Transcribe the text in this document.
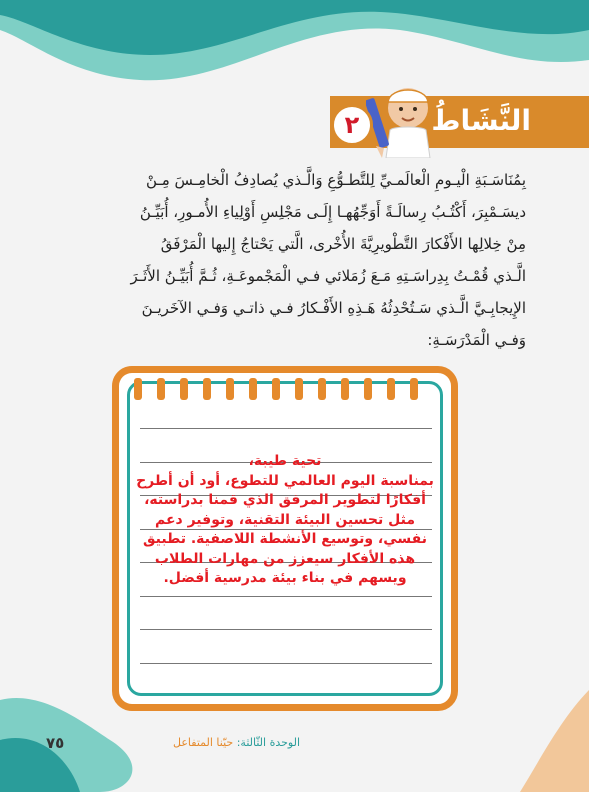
٢	النَّشَاطُ
بِمُنَاسَـبَةِ الْيـومِ الْعالَمـيِّ لِلتَّطـوُّعِ وَالَّـذي يُصادِفُ الْخامِـسَ مِـنْ
ديسَـمْبِرَ، أَكْتُـبُ رِسالَـةً أَوَجِّهُهـا إِلَـى مَجْلِسِ أَوْلِياءِ الأُمـورِ، أُبَيِّـنُ
مِنْ خِلالِها الأَفْكارَ التَّطْويرِيَّةَ الأُخْرى، الَّتي يَحْتاجُ إِليها الْمَرْفَقُ
الَّـذي قُمْـتُ بِدِراسَـتِهِ مَـعَ زُمَلائي فـي الْمَجْموعَـةِ، ثُـمَّ أُبَيِّـنُ الأَثَـرَ
الإِيجابِـيَّ الَّـذي سَـتُحْدِثُهُ هَـذِهِ الأَفْـكارُ فـي ذاتـي وَفـي الآخَريـنَ
وَفـي الْمَدْرَسَـةِ:
تحية طيبة،
بمناسبة اليوم العالمي للتطوع، أود أن أطرح
أفكارًا لتطوير المرفق الذي قمنا بدراسته،
مثل تحسين البيئة التقنية، وتوفير دعم
نفسي، وتوسيع الأنشطة اللاصفية. تطبيق
هذه الأفكار سيعزز من مهارات الطلاب
ويسهم في بناء بيئة مدرسية أفضل.
الوحدة الثّالثة: حيّنا المتفاعل
٧٥
